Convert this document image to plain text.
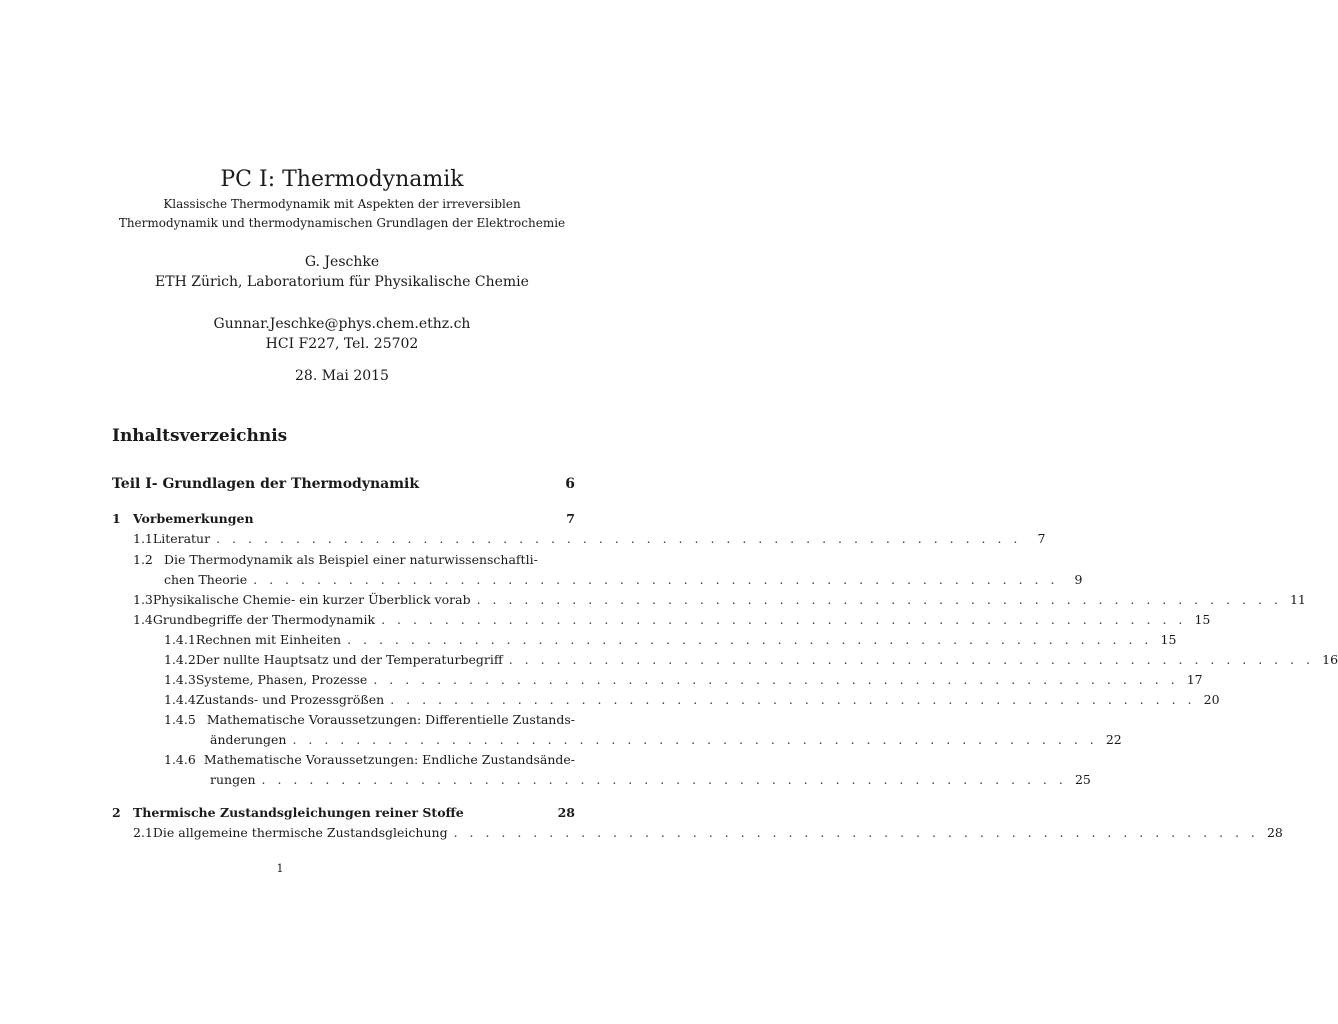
PC I: Thermodynamik
Klassische Thermodynamik mit Aspekten der irreversiblen
Thermodynamik und thermodynamischen Grundlagen der Elektrochemie
G. Jeschke
ETH Zürich, Laboratorium für Physikalische Chemie
Gunnar.Jeschke@phys.chem.ethz.ch
HCI F227, Tel. 25702
28. Mai 2015
Inhaltsverzeichnis
Teil I- Grundlagen der Thermodynamik	6
1 Vorbemerkungen	7
1.1 Literatur . . . . . . . . . . . . . . . . . . . . . . . . . . . . . . . . . . . . . . . . . . . . . . . . . . .	7
1.2 Die Thermodynamik als Beispiel einer naturwissenschaftli-
chen Theorie . . . . . . . . . . . . . . . . . . . . . . . . . . . . . . . . . . . . . . . . . . . . . . . . . . .	9
1.3 Physikalische Chemie- ein kurzer Überblick vorab . . . . . . . . . . . . . . . . . . . . . . . . . . . . . . . . . . . . . . . . . . . . . . . . . . . 11
1.4 Grundbegriffe der Thermodynamik . . . . . . . . . . . . . . . . . . . . . . . . . . . . . . . . . . . . . . . . . . . . . . . . . . . 15
1.4.1 Rechnen mit Einheiten . . . . . . . . . . . . . . . . . . . . . . . . . . . . . . . . . . . . . . . . . . . . . . . . . . . 15
1.4.2 Der nullte Hauptsatz und der Temperaturbegriff . . . . . . . . . . . . . . . . . . . . . . . . . . . . . . . . . . . . . . . . . . . . . . . . . . . 16
1.4.3 Systeme, Phasen, Prozesse . . . . . . . . . . . . . . . . . . . . . . . . . . . . . . . . . . . . . . . . . . . . . . . . . . . 17
1.4.4 Zustands- und Prozessgrößen . . . . . . . . . . . . . . . . . . . . . . . . . . . . . . . . . . . . . . . . . . . . . . . . . . . 20
1.4.5 Mathematische Voraussetzungen: Differentielle Zustands-
änderungen . . . . . . . . . . . . . . . . . . . . . . . . . . . . . . . . . . . . . . . . . . . . . . . . . . . 22
1.4.6 Mathematische Voraussetzungen: Endliche Zustandsände-
rungen . . . . . . . . . . . . . . . . . . . . . . . . . . . . . . . . . . . . . . . . . . . . . . . . . . . 25
2 Thermische Zustandsgleichungen reiner Stoffe	28
2.1 Die allgemeine thermische Zustandsgleichung . . . . . . . . . . . . . . . . . . . . . . . . . . . . . . . . . . . . . . . . . . . . . . . . . . . 28
1
